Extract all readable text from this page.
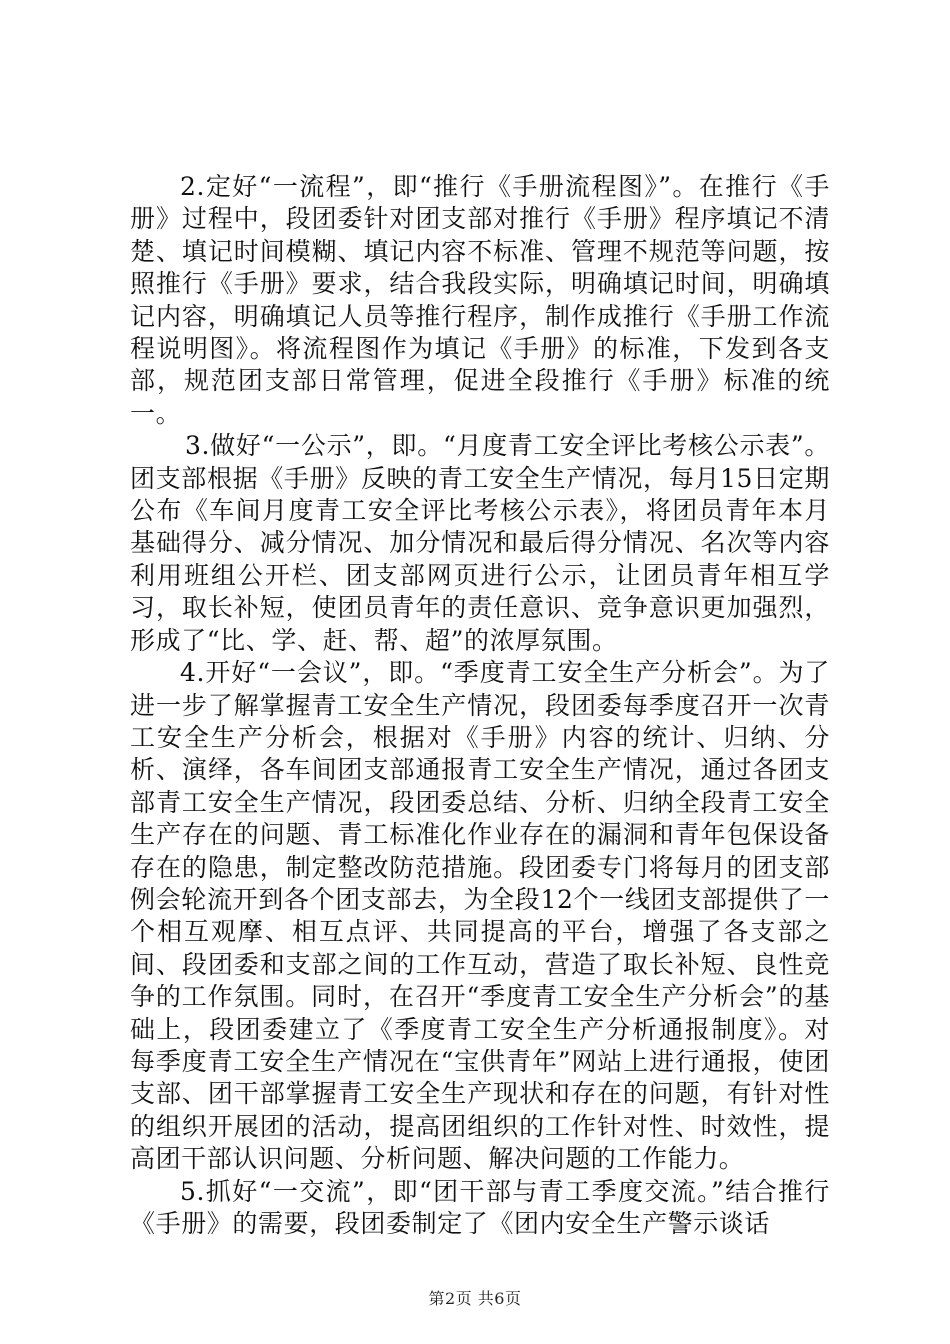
2.定好“一流程”，即“推行《手册流程图》”。在推行《手册》过程中，段团委针对团支部对推行《手册》程序填记不清楚、填记时间模糊、填记内容不标准、管理不规范等问题，按照推行《手册》要求，结合我段实际，明确填记时间，明确填记内容，明确填记人员等推行程序，制作成推行《手册工作流程说明图》。将流程图作为填记《手册》的标准，下发到各支部，规范团支部日常管理，促进全段推行《手册》标准的统一。

3.做好“一公示”，即。“月度青工安全评比考核公示表”。团支部根据《手册》反映的青工安全生产情况，每月15日定期公布《车间月度青工安全评比考核公示表》，将团员青年本月基础得分、减分情况、加分情况和最后得分情况、名次等内容利用班组公开栏、团支部网页进行公示，让团员青年相互学习，取长补短，使团员青年的责任意识、竞争意识更加强烈，形成了“比、学、赶、帮、超”的浓厚氛围。

4.开好“一会议”，即。“季度青工安全生产分析会”。为了进一步了解掌握青工安全生产情况，段团委每季度召开一次青工安全生产分析会，根据对《手册》内容的统计、归纳、分析、演绎，各车间团支部通报青工安全生产情况，通过各团支部青工安全生产情况，段团委总结、分析、归纳全段青工安全生产存在的问题、青工标准化作业存在的漏洞和青年包保设备存在的隐患，制定整改防范措施。段团委专门将每月的团支部例会轮流开到各个团支部去，为全段12个一线团支部提供了一个相互观摩、相互点评、共同提高的平台，增强了各支部之间、段团委和支部之间的工作互动，营造了取长补短、良性竞争的工作氛围。同时，在召开“季度青工安全生产分析会”的基础上，段团委建立了《季度青工安全生产分析通报制度》。对每季度青工安全生产情况在“宝供青年”网站上进行通报，使团支部、团干部掌握青工安全生产现状和存在的问题，有针对性的组织开展团的活动，提高团组织的工作针对性、时效性，提高团干部认识问题、分析问题、解决问题的工作能力。

5.抓好“一交流”，即“团干部与青工季度交流。”结合推行《手册》的需要，段团委制定了《团内安全生产警示谈话

第2页 共6页
